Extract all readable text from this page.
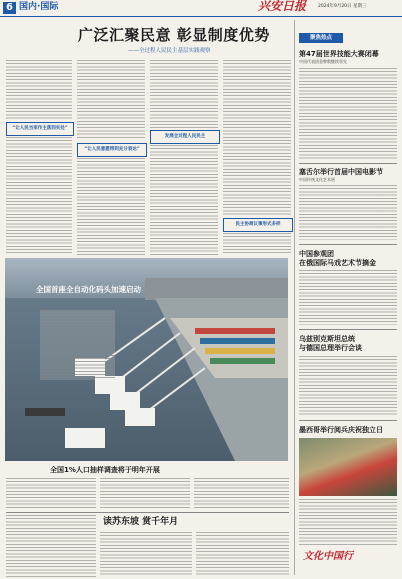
6 国内·国际	兴安日报	2024年9月20日 星期三
广泛汇聚民意 彰显制度优势
——全过程人民民主基层实践观察
“让人民当家作主落到实处”
“让人民意愿得到充分表达”
发展全过程人民民主
民主协商议事形式多样
全国首座全自动化码头加速启动
全国1%人口抽样调查将于明年开展
读苏东坡 赏千年月
聚焦热点
第47届世界技能大赛闭幕
中国代表团金牌数继续领先
塞舌尔举行首届中国电影节
中国传统文化艺术展
中国参观团
在俄国际马戏艺术节摘金
乌兹别克斯坦总统
与德国总理举行会谈
墨西哥举行阅兵庆祝独立日
文化中国行
